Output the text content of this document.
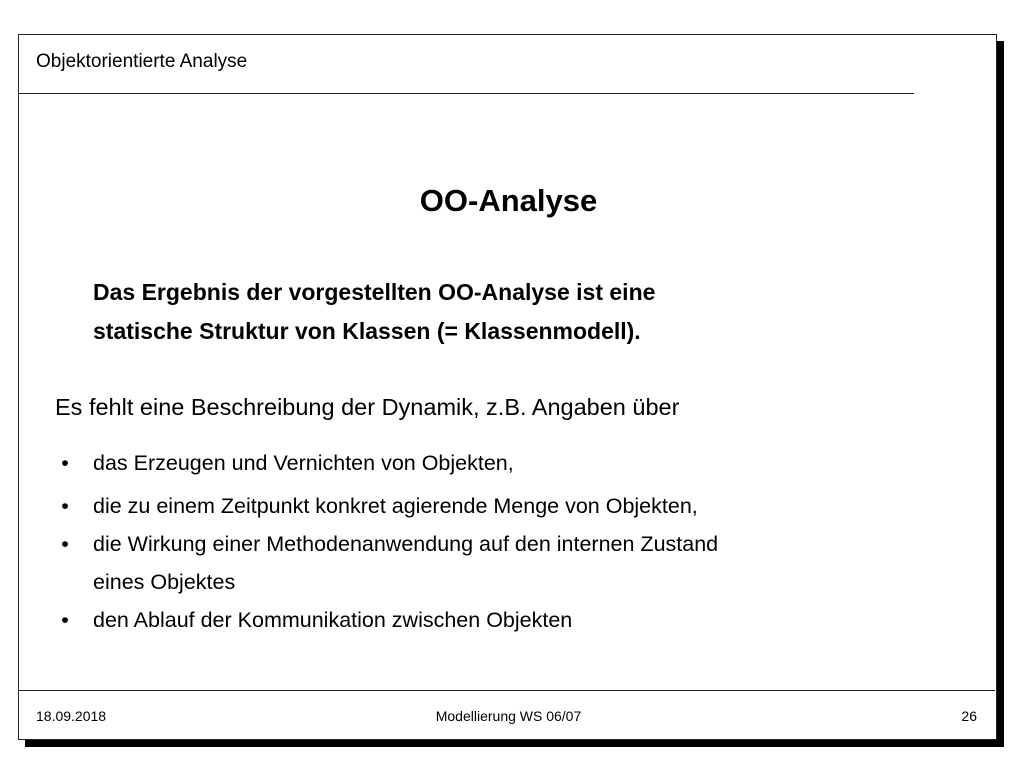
Objektorientierte Analyse
OO-Analyse
Das Ergebnis der vorgestellten OO-Analyse ist eine
statische Struktur von Klassen (= Klassenmodell).
Es fehlt eine Beschreibung der Dynamik, z.B. Angaben über
• das Erzeugen und Vernichten von Objekten,
• die zu einem Zeitpunkt konkret agierende Menge von Objekten,
• die Wirkung einer Methodenanwendung auf den internen Zustand
eines Objektes
• den Ablauf der Kommunikation zwischen Objekten
18.09.2018	Modellierung WS 06/07	26
